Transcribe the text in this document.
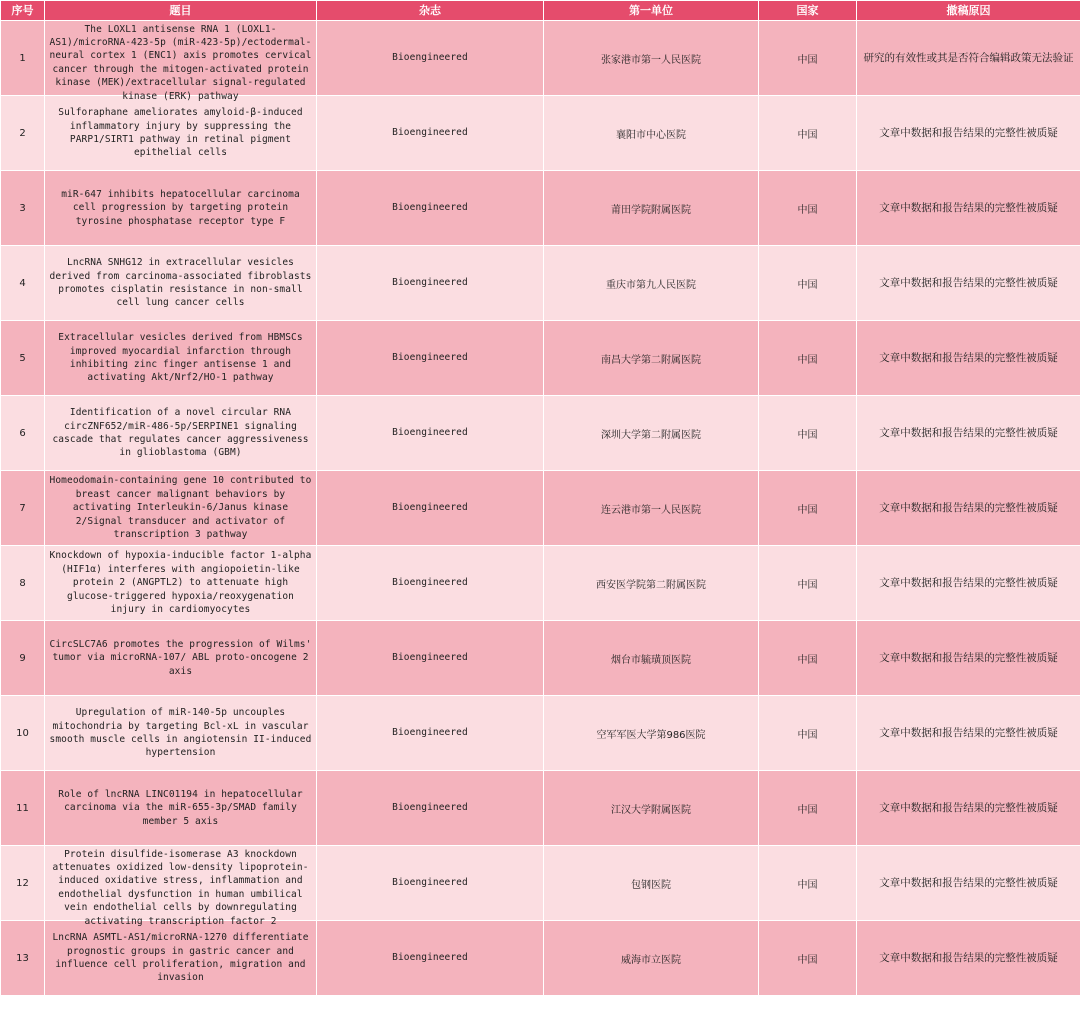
序号	题目	杂志	第一单位	国家	撤稿原因
1	The LOXL1 antisense RNA 1 (LOXL1-AS1)/microRNA-423-5p (miR-423-5p)/ectodermal-neural cortex 1 (ENC1) axis promotes cervical cancer through the mitogen-activated protein kinase (MEK)/extracellular signal-regulated kinase (ERK) pathway	Bioengineered	张家港市第一人民医院	中国	研究的有效性或其是否符合编辑政策无法验证
2	Sulforaphane ameliorates amyloid-β-induced inflammatory injury by suppressing the PARP1/SIRT1 pathway in retinal pigment epithelial cells	Bioengineered	襄阳市中心医院	中国	文章中数据和报告结果的完整性被质疑
3	miR-647 inhibits hepatocellular carcinoma cell progression by targeting protein tyrosine phosphatase receptor type F	Bioengineered	莆田学院附属医院	中国	文章中数据和报告结果的完整性被质疑
4	LncRNA SNHG12 in extracellular vesicles derived from carcinoma-associated fibroblasts promotes cisplatin resistance in non-small cell lung cancer cells	Bioengineered	重庆市第九人民医院	中国	文章中数据和报告结果的完整性被质疑
5	Extracellular vesicles derived from HBMSCs improved myocardial infarction through inhibiting zinc finger antisense 1 and activating Akt/Nrf2/HO-1 pathway	Bioengineered	南昌大学第二附属医院	中国	文章中数据和报告结果的完整性被质疑
6	Identification of a novel circular RNA circZNF652/miR-486-5p/SERPINE1 signaling cascade that regulates cancer aggressiveness in glioblastoma (GBM)	Bioengineered	深圳大学第二附属医院	中国	文章中数据和报告结果的完整性被质疑
7	Homeodomain-containing gene 10 contributed to breast cancer malignant behaviors by activating Interleukin-6/Janus kinase 2/Signal transducer and activator of transcription 3 pathway	Bioengineered	连云港市第一人民医院	中国	文章中数据和报告结果的完整性被质疑
8	Knockdown of hypoxia-inducible factor 1-alpha (HIF1α) interferes with angiopoietin-like protein 2 (ANGPTL2) to attenuate high glucose-triggered hypoxia/reoxygenation injury in cardiomyocytes	Bioengineered	西安医学院第二附属医院	中国	文章中数据和报告结果的完整性被质疑
9	CircSLC7A6 promotes the progression of Wilms' tumor via microRNA-107/ ABL proto-oncogene 2 axis	Bioengineered	烟台市毓璜顶医院	中国	文章中数据和报告结果的完整性被质疑
10	Upregulation of miR-140-5p uncouples mitochondria by targeting Bcl-xL in vascular smooth muscle cells in angiotensin II-induced hypertension	Bioengineered	空军军医大学第986医院	中国	文章中数据和报告结果的完整性被质疑
11	Role of lncRNA LINC01194 in hepatocellular carcinoma via the miR-655-3p/SMAD family member 5 axis	Bioengineered	江汉大学附属医院	中国	文章中数据和报告结果的完整性被质疑
12	Protein disulfide-isomerase A3 knockdown attenuates oxidized low-density lipoprotein-induced oxidative stress, inflammation and endothelial dysfunction in human umbilical vein endothelial cells by downregulating activating transcription factor 2	Bioengineered	包钢医院	中国	文章中数据和报告结果的完整性被质疑
13	LncRNA ASMTL-AS1/microRNA-1270 differentiate prognostic groups in gastric cancer and influence cell proliferation, migration and invasion	Bioengineered	威海市立医院	中国	文章中数据和报告结果的完整性被质疑
